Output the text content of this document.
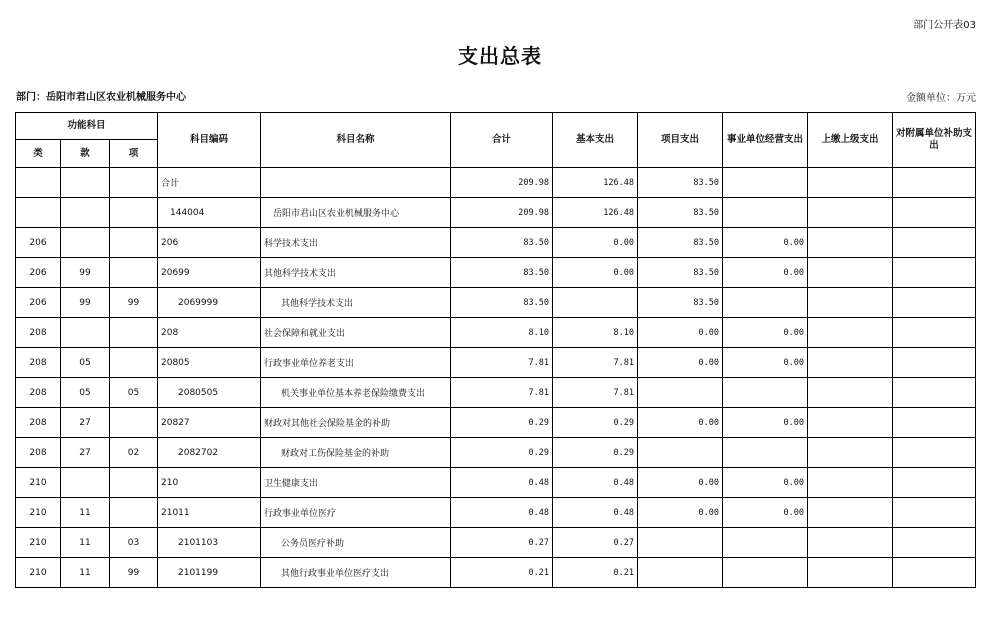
部门公开表03
支出总表
部门：岳阳市君山区农业机械服务中心	金额单位：万元
功能科目			科目编码	科目名称	合计	基本支出	项目支出	事业单位经营支出	上缴上级支出	对附属单位补助支出
类	款	项								
			合计		209.98	126.48	83.50			
			144004	岳阳市君山区农业机械服务中心	209.98	126.48	83.50			
206			206	科学技术支出	83.50	0.00	83.50	0.00		
206	99		20699	其他科学技术支出	83.50	0.00	83.50	0.00		
206	99	99	2069999	其他科学技术支出	83.50		83.50			
208			208	社会保障和就业支出	8.10	8.10	0.00	0.00		
208	05		20805	行政事业单位养老支出	7.81	7.81	0.00	0.00		
208	05	05	2080505	机关事业单位基本养老保险缴费支出	7.81	7.81				
208	27		20827	财政对其他社会保险基金的补助	0.29	0.29	0.00	0.00		
208	27	02	2082702	财政对工伤保险基金的补助	0.29	0.29				
210			210	卫生健康支出	0.48	0.48	0.00	0.00		
210	11		21011	行政事业单位医疗	0.48	0.48	0.00	0.00		
210	11	03	2101103	公务员医疗补助	0.27	0.27				
210	11	99	2101199	其他行政事业单位医疗支出	0.21	0.21				
